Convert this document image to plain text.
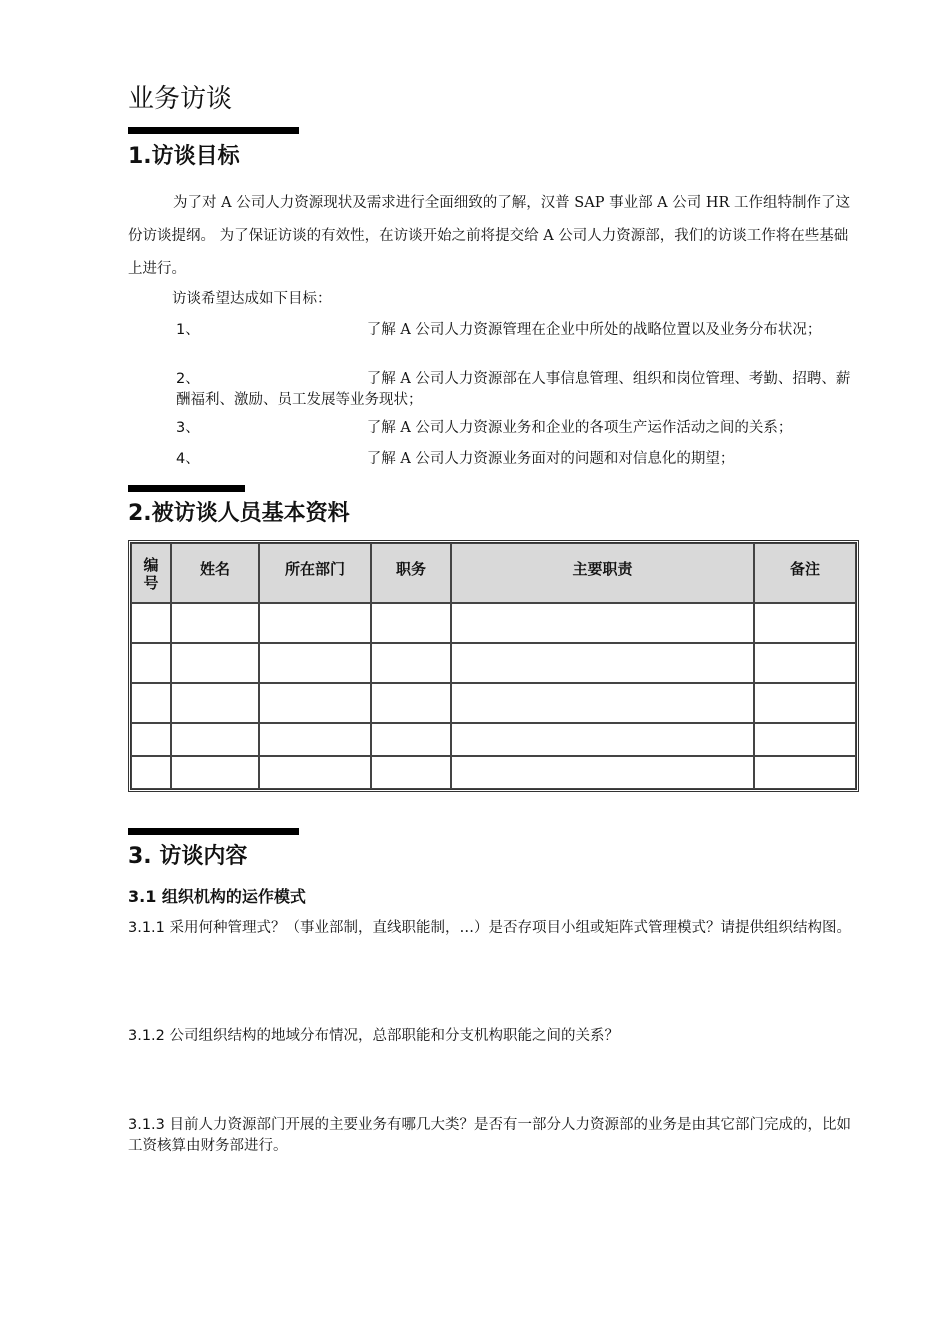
业务访谈
1.访谈目标
为了对 A 公司人力资源现状及需求进行全面细致的了解，汉普 SAP 事业部 A 公司 HR 工作组特制作了这份访谈提纲。 为了保证访谈的有效性，在访谈开始之前将提交给 A 公司人力资源部，我们的访谈工作将在些基础上进行。
访谈希望达成如下目标：
1、	了解 A 公司人力资源管理在企业中所处的战略位置以及业务分布状况；
2、	了解 A 公司人力资源部在人事信息管理、组织和岗位管理、考勤、招聘、薪酬福利、激励、员工发展等业务现状；
3、	了解 A 公司人力资源业务和企业的各项生产运作活动之间的关系；
4、	了解 A 公司人力资源业务面对的问题和对信息化的期望；
2.被访谈人员基本资料
编号	姓名	所在部门	职务	主要职责	备注

3. 访谈内容
3.1 组织机构的运作模式
3.1.1 采用何种管理式？（事业部制，直线职能制，…）是否存项目小组或矩阵式管理模式？请提供组织结构图。
3.1.2 公司组织结构的地域分布情况，总部职能和分支机构职能之间的关系？
3.1.3 目前人力资源部门开展的主要业务有哪几大类？是否有一部分人力资源部的业务是由其它部门完成的，比如工资核算由财务部进行。
